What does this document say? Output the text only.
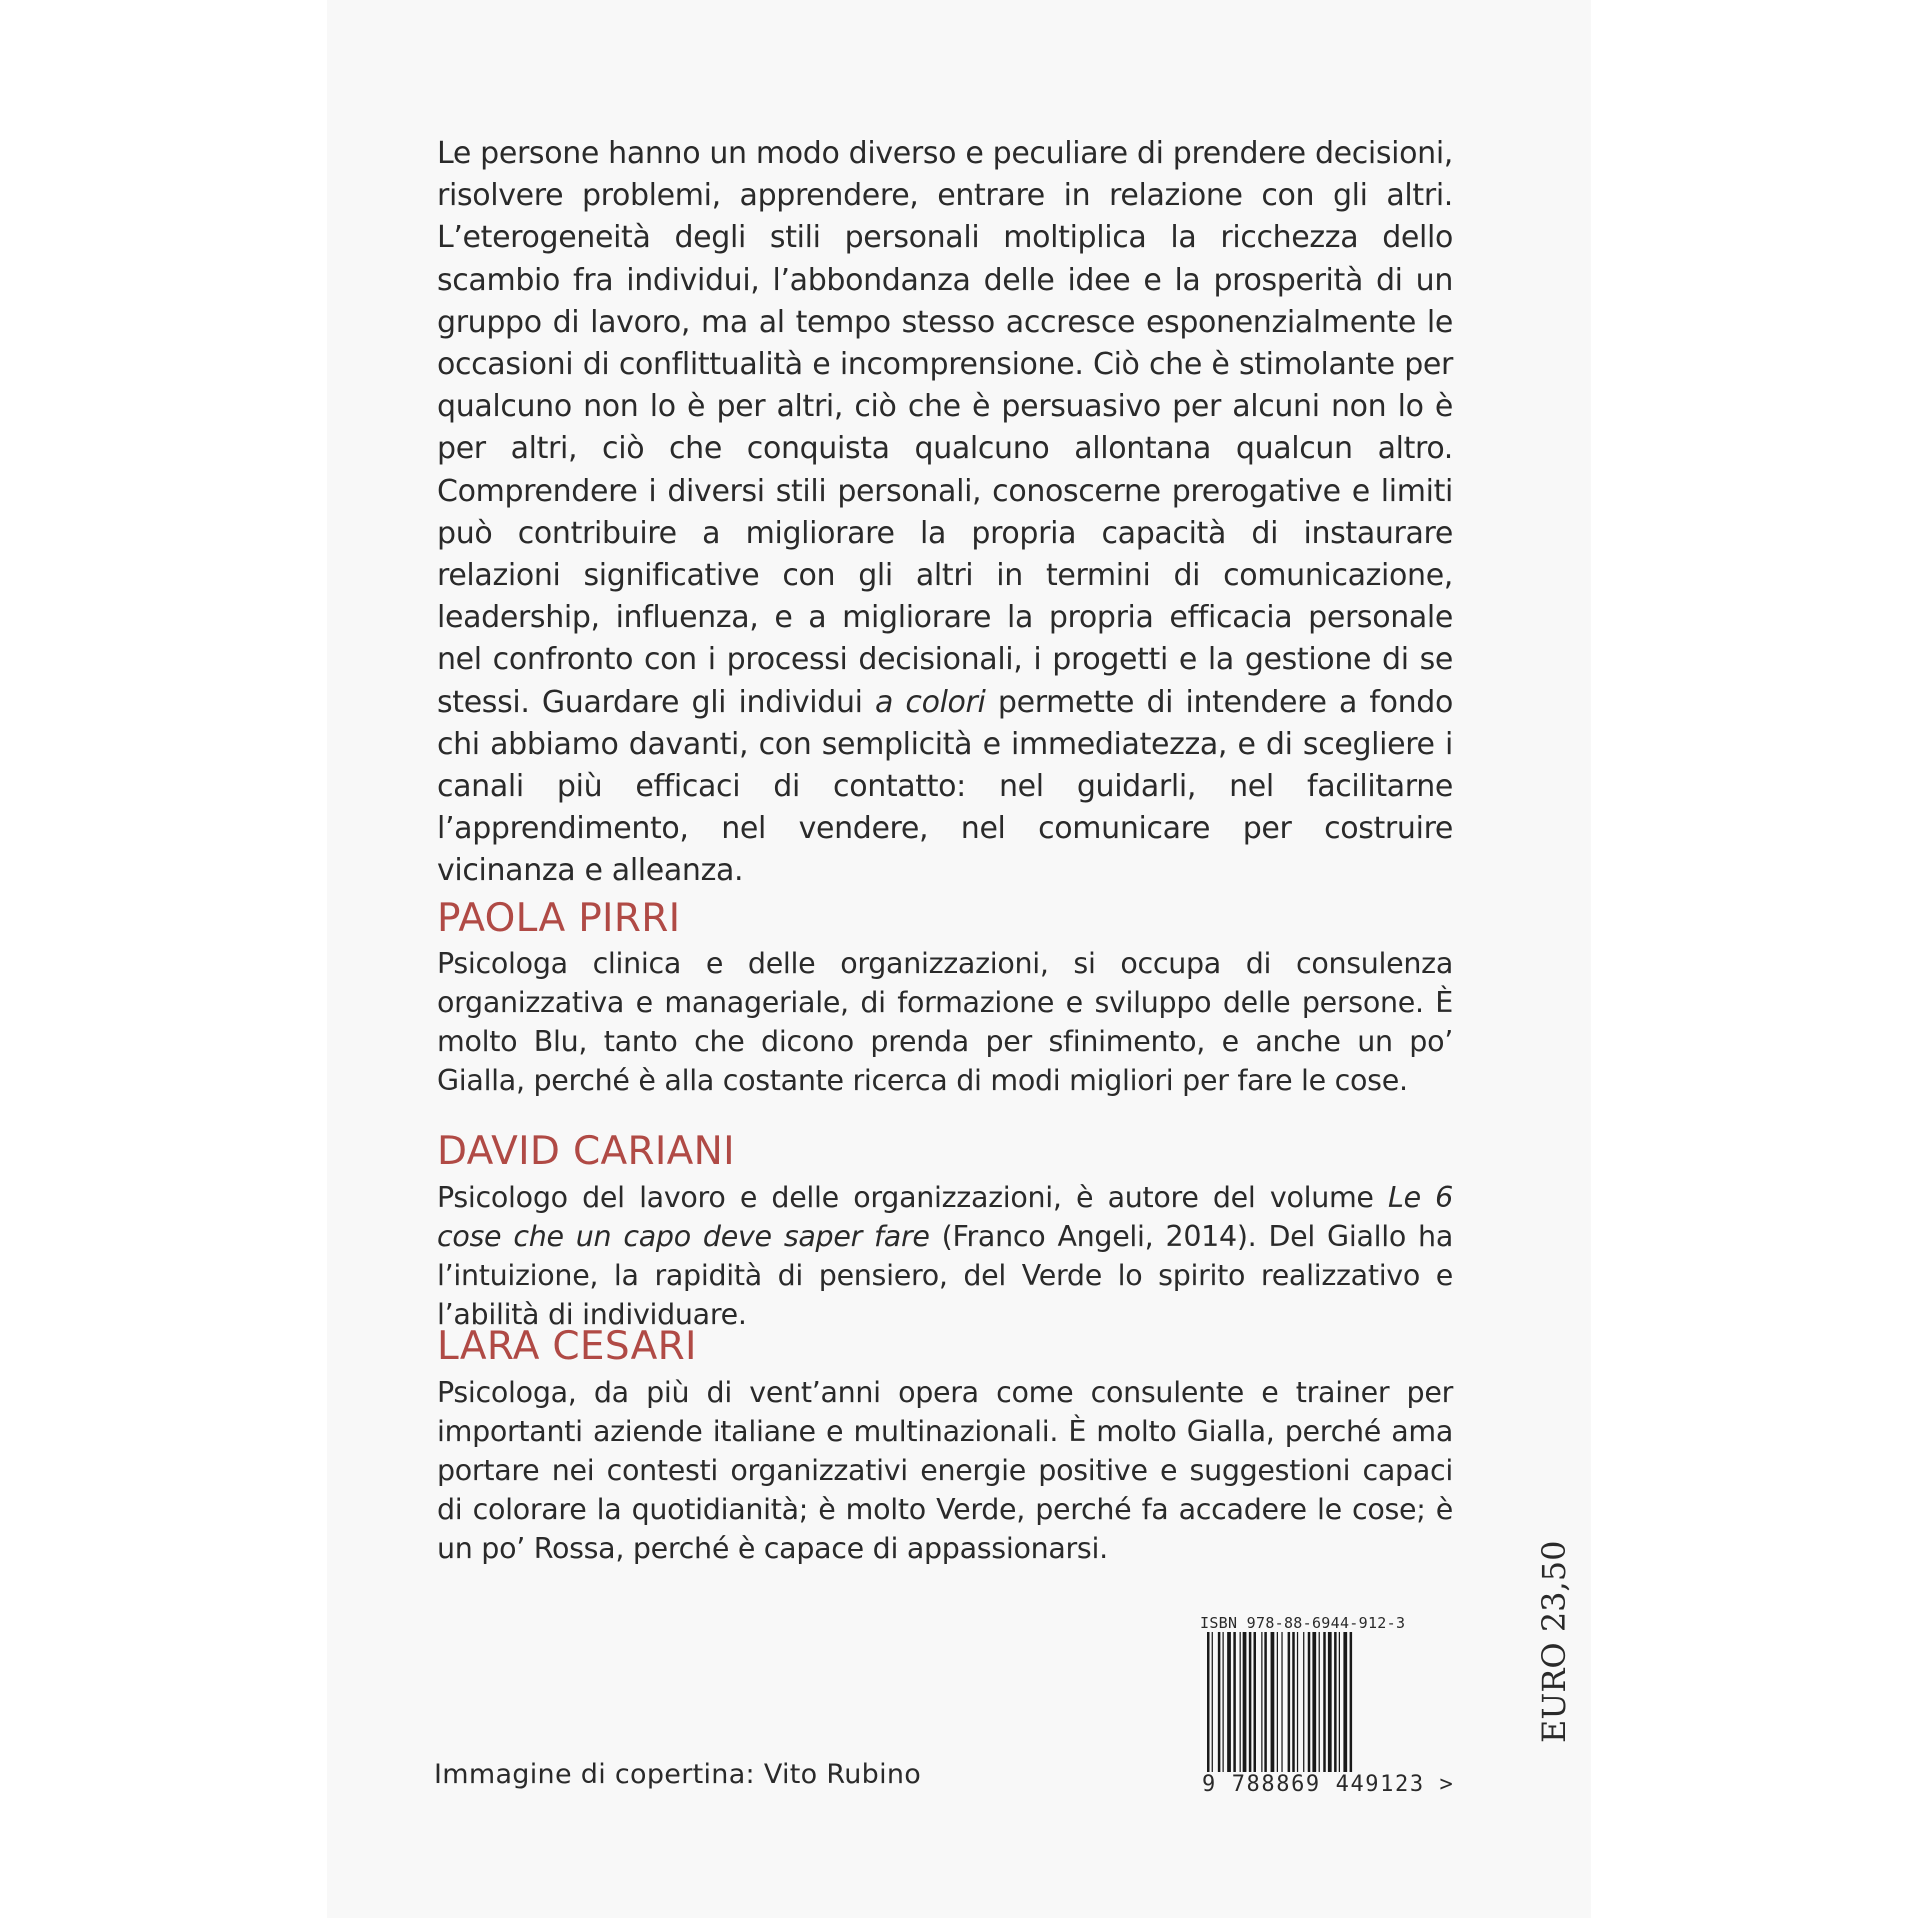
Le persone hanno un modo diverso e peculiare di prendere decisioni, risolvere problemi, apprendere, entrare in relazione con gli altri. L’eterogeneità degli stili personali moltiplica la ricchezza dello scambio fra individui, l’abbondanza delle idee e la prosperità di un gruppo di lavoro, ma al tempo stesso accresce esponenzialmente le occasioni di conflittualità e incomprensione. Ciò che è stimolante per qualcuno non lo è per altri, ciò che è persuasivo per alcuni non lo è per altri, ciò che conquista qualcuno allontana qualcun altro. Comprendere i diversi stili personali, conoscerne prerogative e limiti può contribuire a migliorare la propria capacità di instaurare relazioni significative con gli altri in termini di comunicazione, leadership, influenza, e a migliorare la propria efficacia personale nel confronto con i processi decisionali, i progetti e la gestione di se stessi. Guardare gli individui a colori permette di intendere a fondo chi abbiamo davanti, con semplicità e immediatezza, e di scegliere i canali più efficaci di contatto: nel guidarli, nel facilitarne l’apprendimento, nel vendere, nel comunicare per costruire vicinanza e alleanza.
PAOLA PIRRI
Psicologa clinica e delle organizzazioni, si occupa di consulenza organizzativa e manageriale, di formazione e sviluppo delle persone. È molto Blu, tanto che dicono prenda per sfinimento, e anche un po’ Gialla, perché è alla costante ricerca di modi migliori per fare le cose.
DAVID CARIANI
Psicologo del lavoro e delle organizzazioni, è autore del volume Le 6 cose che un capo deve saper fare (Franco Angeli, 2014). Del Giallo ha l’intuizione, la rapidità di pensiero, del Verde lo spirito realizzativo e l’abilità di individuare.
LARA CESARI
Psicologa, da più di vent’anni opera come consulente e trainer per importanti aziende italiane e multinazionali. È molto Gialla, perché ama portare nei contesti organizzativi energie positive e suggestioni capaci di colorare la quotidianità; è molto Verde, perché fa accadere le cose; è un po’ Rossa, perché è capace di appassionarsi.
Immagine di copertina: Vito Rubino
EURO 23,50
ISBN 978-88-6944-912-3
9 788869 449123 >
